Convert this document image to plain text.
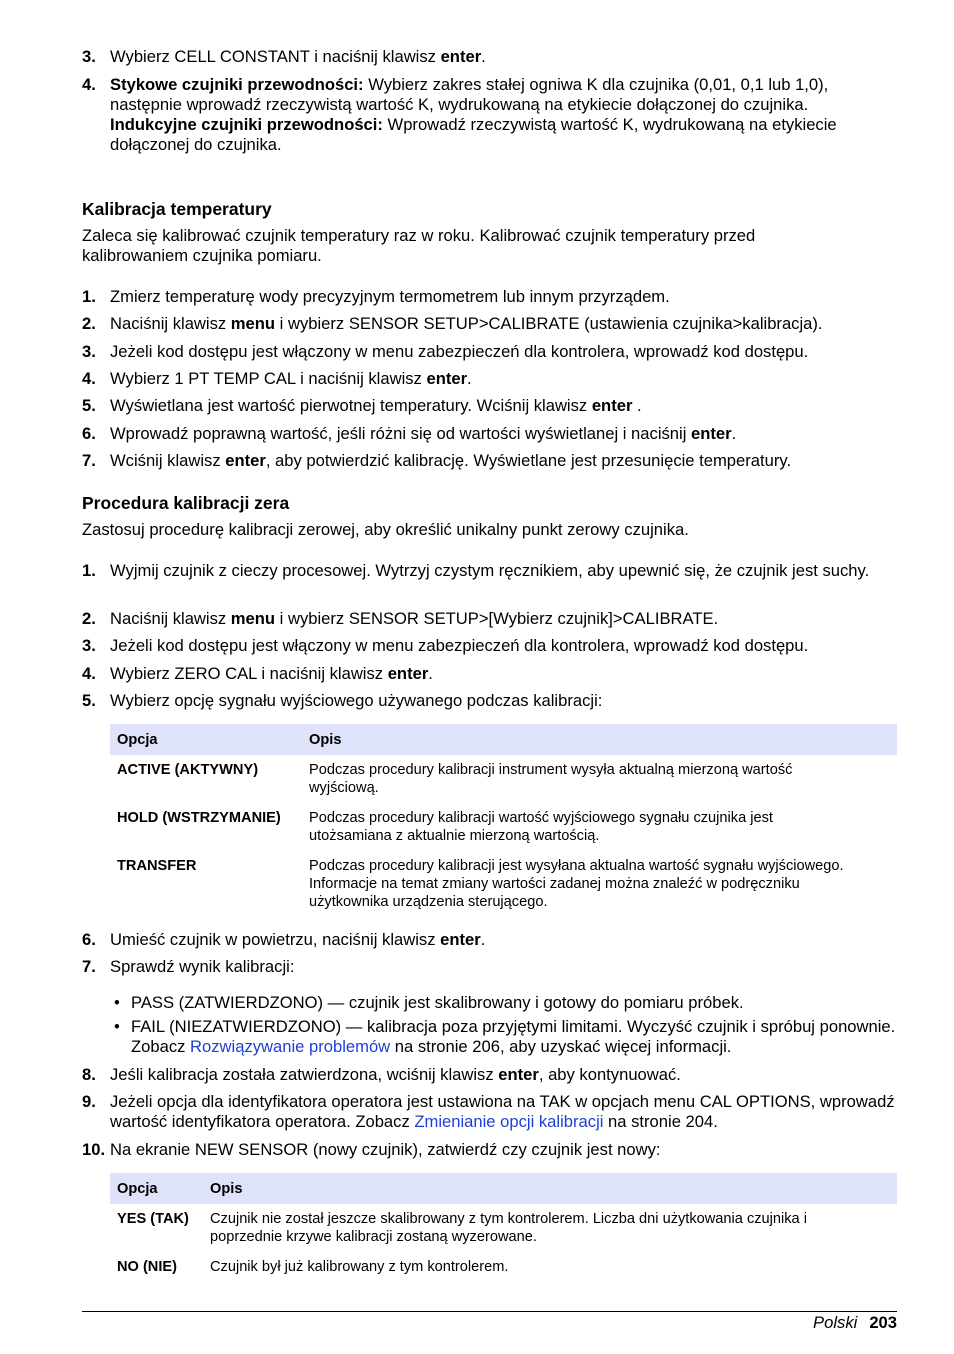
3. Wybierz CELL CONSTANT i naciśnij klawisz enter.
4. Stykowe czujniki przewodności: Wybierz zakres stałej ogniwa K dla czujnika (0,01, 0,1 lub 1,0), następnie wprowadź rzeczywistą wartość K, wydrukowaną na etykiecie dołączonej do czujnika.
Indukcyjne czujniki przewodności: Wprowadź rzeczywistą wartość K, wydrukowaną na etykiecie dołączonej do czujnika.
Kalibracja temperatury
Zaleca się kalibrować czujnik temperatury raz w roku. Kalibrować czujnik temperatury przed kalibrowaniem czujnika pomiaru.
1. Zmierz temperaturę wody precyzyjnym termometrem lub innym przyrządem.
2. Naciśnij klawisz menu i wybierz SENSOR SETUP>CALIBRATE (ustawienia czujnika>kalibracja).
3. Jeżeli kod dostępu jest włączony w menu zabezpieczeń dla kontrolera, wprowadź kod dostępu.
4. Wybierz 1 PT TEMP CAL i naciśnij klawisz enter.
5. Wyświetlana jest wartość pierwotnej temperatury. Wciśnij klawisz enter .
6. Wprowadź poprawną wartość, jeśli różni się od wartości wyświetlanej i naciśnij enter.
7. Wciśnij klawisz enter, aby potwierdzić kalibrację. Wyświetlane jest przesunięcie temperatury.
Procedura kalibracji zera
Zastosuj procedurę kalibracji zerowej, aby określić unikalny punkt zerowy czujnika.
1. Wyjmij czujnik z cieczy procesowej. Wytrzyj czystym ręcznikiem, aby upewnić się, że czujnik jest suchy.
2. Naciśnij klawisz menu i wybierz SENSOR SETUP>[Wybierz czujnik]>CALIBRATE.
3. Jeżeli kod dostępu jest włączony w menu zabezpieczeń dla kontrolera, wprowadź kod dostępu.
4. Wybierz ZERO CAL i naciśnij klawisz enter.
5. Wybierz opcję sygnału wyjściowego używanego podczas kalibracji:
Opcja	Opis
ACTIVE (AKTYWNY)	Podczas procedury kalibracji instrument wysyła aktualną mierzoną wartość wyjściową.
HOLD (WSTRZYMANIE)	Podczas procedury kalibracji wartość wyjściowego sygnału czujnika jest utożsamiana z aktualnie mierzoną wartością.
TRANSFER	Podczas procedury kalibracji jest wysyłana aktualna wartość sygnału wyjściowego. Informacje na temat zmiany wartości zadanej można znaleźć w podręczniku użytkownika urządzenia sterującego.
6. Umieść czujnik w powietrzu, naciśnij klawisz enter.
7. Sprawdź wynik kalibracji:
• PASS (ZATWIERDZONO) — czujnik jest skalibrowany i gotowy do pomiaru próbek.
• FAIL (NIEZATWIERDZONO) — kalibracja poza przyjętymi limitami. Wyczyść czujnik i spróbuj ponownie. Zobacz Rozwiązywanie problemów na stronie 206, aby uzyskać więcej informacji.
8. Jeśli kalibracja została zatwierdzona, wciśnij klawisz enter, aby kontynuować.
9. Jeżeli opcja dla identyfikatora operatora jest ustawiona na TAK w opcjach menu CAL OPTIONS, wprowadź wartość identyfikatora operatora. Zobacz Zmienianie opcji kalibracji na stronie 204.
10. Na ekranie NEW SENSOR (nowy czujnik), zatwierdź czy czujnik jest nowy:
Opcja	Opis
YES (TAK)	Czujnik nie został jeszcze skalibrowany z tym kontrolerem. Liczba dni użytkowania czujnika i poprzednie krzywe kalibracji zostaną wyzerowane.
NO (NIE)	Czujnik był już kalibrowany z tym kontrolerem.
Polski 203
